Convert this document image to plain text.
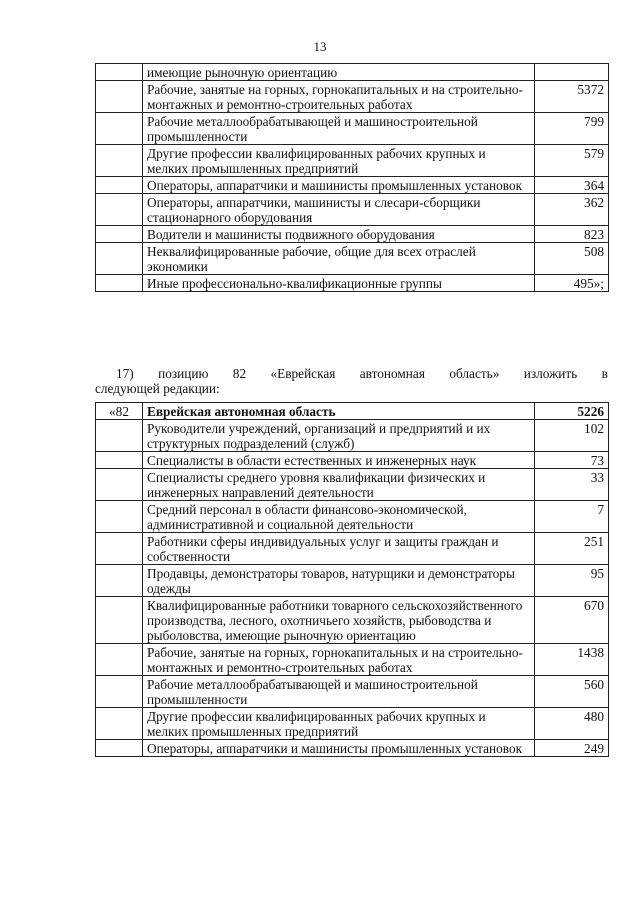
13
	имеющие рыночную ориентацию	
	Рабочие, занятые на горных, горнокапитальных и на строительно-монтажных и ремонтно-строительных работах	5372
	Рабочие металлообрабатывающей и машиностроительной промышленности	799
	Другие профессии квалифицированных рабочих крупных и мелких промышленных предприятий	579
	Операторы, аппаратчики и машинисты промышленных установок	364
	Операторы, аппаратчики, машинисты и слесари-сборщики стационарного оборудования	362
	Водители и машинисты подвижного оборудования	823
	Неквалифицированные рабочие, общие для всех отраслей экономики	508
	Иные профессионально-квалификационные группы	495»;
17) позицию 82 «Еврейская автономная область» изложить в
следующей редакции:
«82	Еврейская автономная область	5226
	Руководители учреждений, организаций и предприятий и их структурных подразделений (служб)	102
	Специалисты в области естественных и инженерных наук	73
	Специалисты среднего уровня квалификации физических и инженерных направлений деятельности	33
	Средний персонал в области финансово-экономической, административной и социальной деятельности	7
	Работники сферы индивидуальных услуг и защиты граждан и собственности	251
	Продавцы, демонстраторы товаров, натурщики и демонстраторы одежды	95
	Квалифицированные работники товарного сельскохозяйственного производства, лесного, охотничьего хозяйств, рыбоводства и рыболовства, имеющие рыночную ориентацию	670
	Рабочие, занятые на горных, горнокапитальных и на строительно-монтажных и ремонтно-строительных работах	1438
	Рабочие металлообрабатывающей и машиностроительной промышленности	560
	Другие профессии квалифицированных рабочих крупных и мелких промышленных предприятий	480
	Операторы, аппаратчики и машинисты промышленных установок	249
